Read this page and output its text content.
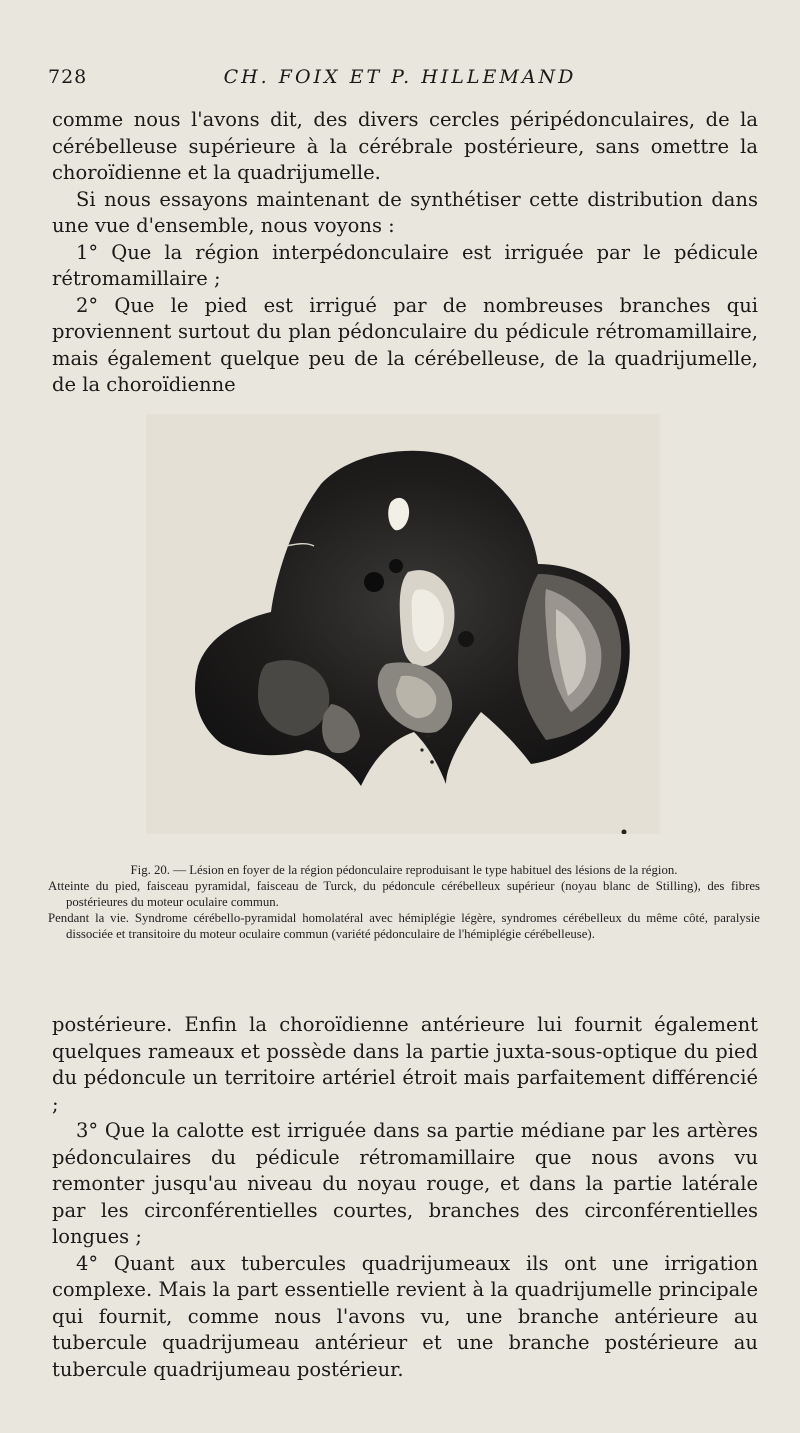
728	CH. FOIX ET P. HILLEMAND

comme nous l'avons dit, des divers cercles péripédonculaires, de la cérébelleuse supérieure à la cérébrale postérieure, sans omettre la choroïdienne et la quadrijumelle.

Si nous essayons maintenant de synthétiser cette distribution dans une vue d'ensemble, nous voyons :

1° Que la région interpédonculaire est irriguée par le pédicule rétromamillaire ;

2° Que le pied est irrigué par de nombreuses branches qui proviennent surtout du plan pédonculaire du pédicule rétromamillaire, mais également quelque peu de la cérébelleuse, de la quadrijumelle, de la choroïdienne

Fig. 20. — Lésion en foyer de la région pédonculaire reproduisant le type habituel des lésions de la région.

Atteinte du pied, faisceau pyramidal, faisceau de Turck, du pédoncule cérébelleux supérieur (noyau blanc de Stilling), des fibres postérieures du moteur oculaire commun.

Pendant la vie. Syndrome cérébello-pyramidal homolatéral avec hémiplégie légère, syndromes cérébelleux du même côté, paralysie dissociée et transitoire du moteur oculaire commun (variété pédonculaire de l'hémiplégie cérébelleuse).

postérieure. Enfin la choroïdienne antérieure lui fournit également quelques rameaux et possède dans la partie juxta-sous-optique du pied du pédoncule un territoire artériel étroit mais parfaitement différencié ;

3° Que la calotte est irriguée dans sa partie médiane par les artères pédonculaires du pédicule rétromamillaire que nous avons vu remonter jusqu'au niveau du noyau rouge, et dans la partie latérale par les circonférentielles courtes, branches des circonférentielles longues ;

4° Quant aux tubercules quadrijumeaux ils ont une irrigation complexe. Mais la part essentielle revient à la quadrijumelle principale qui fournit, comme nous l'avons vu, une branche antérieure au tubercule quadrijumeau antérieur et une branche postérieure au tubercule quadrijumeau postérieur.
